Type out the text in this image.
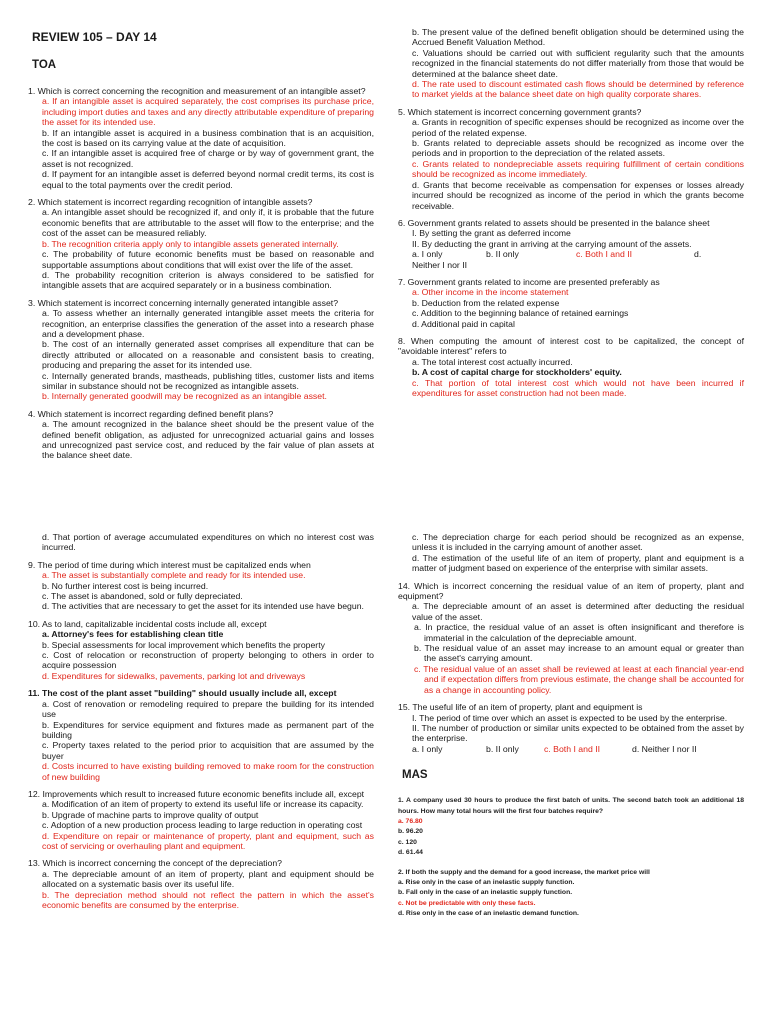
REVIEW 105 – DAY 14
TOA
1. Which is correct concerning the recognition and measurement of an intangible asset?
a. If an intangible asset is acquired separately, the cost comprises its purchase price, including import duties and taxes and any directly attributable expenditure of preparing the asset for its intended use.
b. If an intangible asset is acquired in a business combination that is an acquisition, the cost is based on its carrying value at the date of acquisition.
c. If an intangible asset is acquired free of charge or by way of government grant, the asset is not recognized.
d. If payment for an intangible asset is deferred beyond normal credit terms, its cost is equal to the total payments over the credit period.
2. Which statement is incorrect regarding recognition of intangible assets?
a. An intangible asset should be recognized if, and only if, it is probable that the future economic benefits that are attributable to the asset will flow to the enterprise; and the cost of the asset can be measured reliably.
b. The recognition criteria apply only to intangible assets generated internally.
c. The probability of future economic benefits must be based on reasonable and supportable assumptions about conditions that will exist over the life of the asset.
d. The probability recognition criterion is always considered to be satisfied for intangible assets that are acquired separately or in a business combination.
3. Which statement is incorrect concerning internally generated intangible asset?
a. To assess whether an internally generated intangible asset meets the criteria for recognition, an enterprise classifies the generation of the asset into a research phase and a development phase.
b. The cost of an internally generated asset comprises all expenditure that can be directly attributed or allocated on a reasonable and consistent basis to creating, producing and preparing the asset for its intended use.
c. Internally generated brands, mastheads, publishing titles, customer lists and items similar in substance should not be recognized as intangible assets.
b. Internally generated goodwill may be recognized as an intangible asset.
4. Which statement is incorrect regarding defined benefit plans?
a. The amount recognized in the balance sheet should be the present value of the defined benefit obligation, as adjusted for unrecognized actuarial gains and losses and unrecognized past service cost, and reduced by the fair value of plan assets at the balance sheet date.
b. The present value of the defined benefit obligation should be determined using the Accrued Benefit Valuation Method.
c. Valuations should be carried out with sufficient regularity such that the amounts recognized in the financial statements do not differ materially from those that would be determined at the balance sheet date.
d. The rate used to discount estimated cash flows should be determined by reference to market yields at the balance sheet date on high quality corporate shares.
5. Which statement is incorrect concerning government grants?
a. Grants in recognition of specific expenses should be recognized as income over the period of the related expense.
b. Grants related to depreciable assets should be recognized as income over the periods and in proportion to the depreciation of the related assets.
c. Grants related to nondepreciable assets requiring fulfillment of certain conditions should be recognized as income immediately.
d. Grants that become receivable as compensation for expenses or losses already incurred should be recognized as income of the period in which the grants become receivable.
6. Government grants related to assets should be presented in the balance sheet
I. By setting the grant as deferred income
II. By deducting the grant in arriving at the carrying amount of the assets.
a. I only	b. II only	c. Both I and II	d.
Neither I nor II
7. Government grants related to income are presented preferably as
a. Other income in the income statement
b. Deduction from the related expense
c. Addition to the beginning balance of retained earnings
d. Additional paid in capital
8. When computing the amount of interest cost to be capitalized, the concept of "avoidable interest" refers to
a. The total interest cost actually incurred.
b. A cost of capital charge for stockholders' equity.
c. That portion of total interest cost which would not have been incurred if expenditures for asset construction had not been made.
d. That portion of average accumulated expenditures on which no interest cost was incurred.
9. The period of time during which interest must be capitalized ends when
a. The asset is substantially complete and ready for its intended use.
b. No further interest cost is being incurred.
c. The asset is abandoned, sold or fully depreciated.
d. The activities that are necessary to get the asset for its intended use have begun.
10. As to land, capitalizable incidental costs include all, except
a. Attorney's fees for establishing clean title
b. Special assessments for local improvement which benefits the property
c. Cost of relocation or reconstruction of property belonging to others in order to acquire possession
d. Expenditures for sidewalks, pavements, parking lot and driveways
11. The cost of the plant asset "building" should usually include all, except
a. Cost of renovation or remodeling required to prepare the building for its intended use
b. Expenditures for service equipment and fixtures made as permanent part of the building
c. Property taxes related to the period prior to acquisition that are assumed by the buyer
d. Costs incurred to have existing building removed to make room for the construction of new building
12. Improvements which result to increased future economic benefits include all, except
a. Modification of an item of property to extend its useful life or increase its capacity.
b. Upgrade of machine parts to improve quality of output
c. Adoption of a new production process leading to large reduction in operating cost
d. Expenditure on repair or maintenance of property, plant and equipment, such as cost of servicing or overhauling plant and equipment.
13. Which is incorrect concerning the concept of the depreciation?
a. The depreciable amount of an item of property, plant and equipment should be allocated on a systematic basis over its useful life.
b. The depreciation method should not reflect the pattern in which the asset's economic benefits are consumed by the enterprise.
c. The depreciation charge for each period should be recognized as an expense, unless it is included in the carrying amount of another asset.
d. The estimation of the useful life of an item of property, plant and equipment is a matter of judgment based on experience of the enterprise with similar assets.
14. Which is incorrect concerning the residual value of an item of property, plant and equipment?
a. The depreciable amount of an asset is determined after deducting the residual value of the asset.
a. In practice, the residual value of an asset is often insignificant and therefore is immaterial in the calculation of the depreciable amount.
b. The residual value of an asset may increase to an amount equal or greater than the asset's carrying amount.
c. The residual value of an asset shall be reviewed at least at each financial year-end and if expectation differs from previous estimate, the change shall be accounted for as a change in accounting policy.
15. The useful life of an item of property, plant and equipment is
I. The period of time over which an asset is expected to be used by the enterprise.
II. The number of production or similar units expected to be obtained from the asset by the enterprise.
a. I only	b. II only	c. Both I and II	d. Neither I nor II
MAS
1. A company used 30 hours to produce the first batch of units. The second batch took an additional 18 hours. How many total hours will the first four batches require?
a. 76.80
b. 96.20
c. 120
d. 61.44
2. If both the supply and the demand for a good increase, the market price will
a. Rise only in the case of an inelastic supply function.
b. Fall only in the case of an inelastic supply function.
c. Not be predictable with only these facts.
d. Rise only in the case of an inelastic demand function.
